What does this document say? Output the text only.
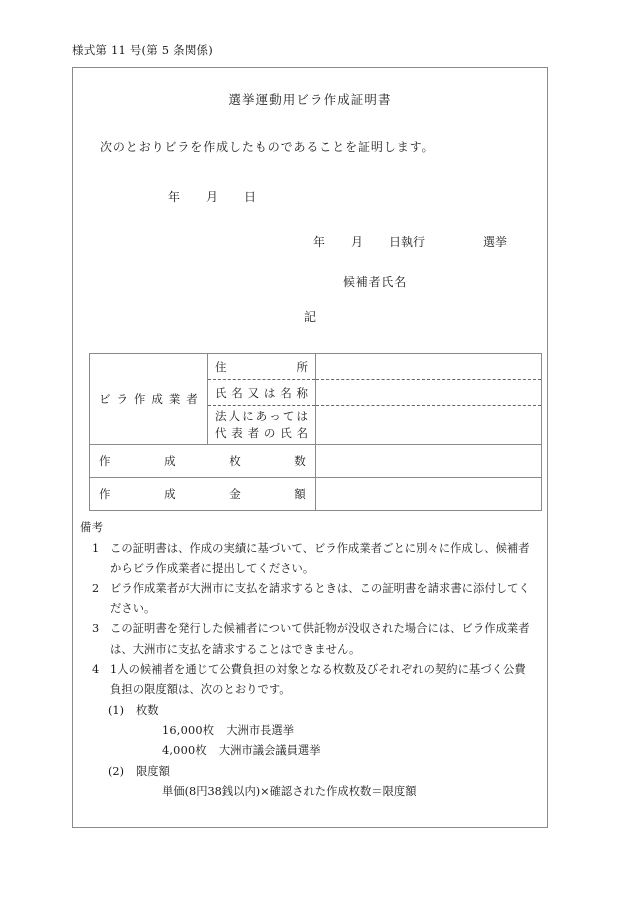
様式第 11 号(第 5 条関係)
選挙運動用ビラ作成証明書
次のとおりビラを作成したものであることを証明します。
年 月 日
年 月 日執行	選挙
候補者氏名
記
ビラ作成業者	住所	

	氏名又は名称	

	法人にあっては
代表者の氏名	

作成枚数		

作成金額		

備考
1 この証明書は、作成の実績に基づいて、ビラ作成業者ごとに別々に作成し、候補者
からビラ作成業者に提出してください。
2 ビラ作成業者が大洲市に支払を請求するときは、この証明書を請求書に添付してく
ださい。
3 この証明書を発行した候補者について供託物が没収された場合には、ビラ作成業者
は、大洲市に支払を請求することはできません。
4 1人の候補者を通じて公費負担の対象となる枚数及びそれぞれの契約に基づく公費
負担の限度額は、次のとおりです。
(1) 枚数
16,000枚 大洲市長選挙
4,000枚 大洲市議会議員選挙
(2) 限度額
単価(8円38銭以内)×確認された作成枚数＝限度額
